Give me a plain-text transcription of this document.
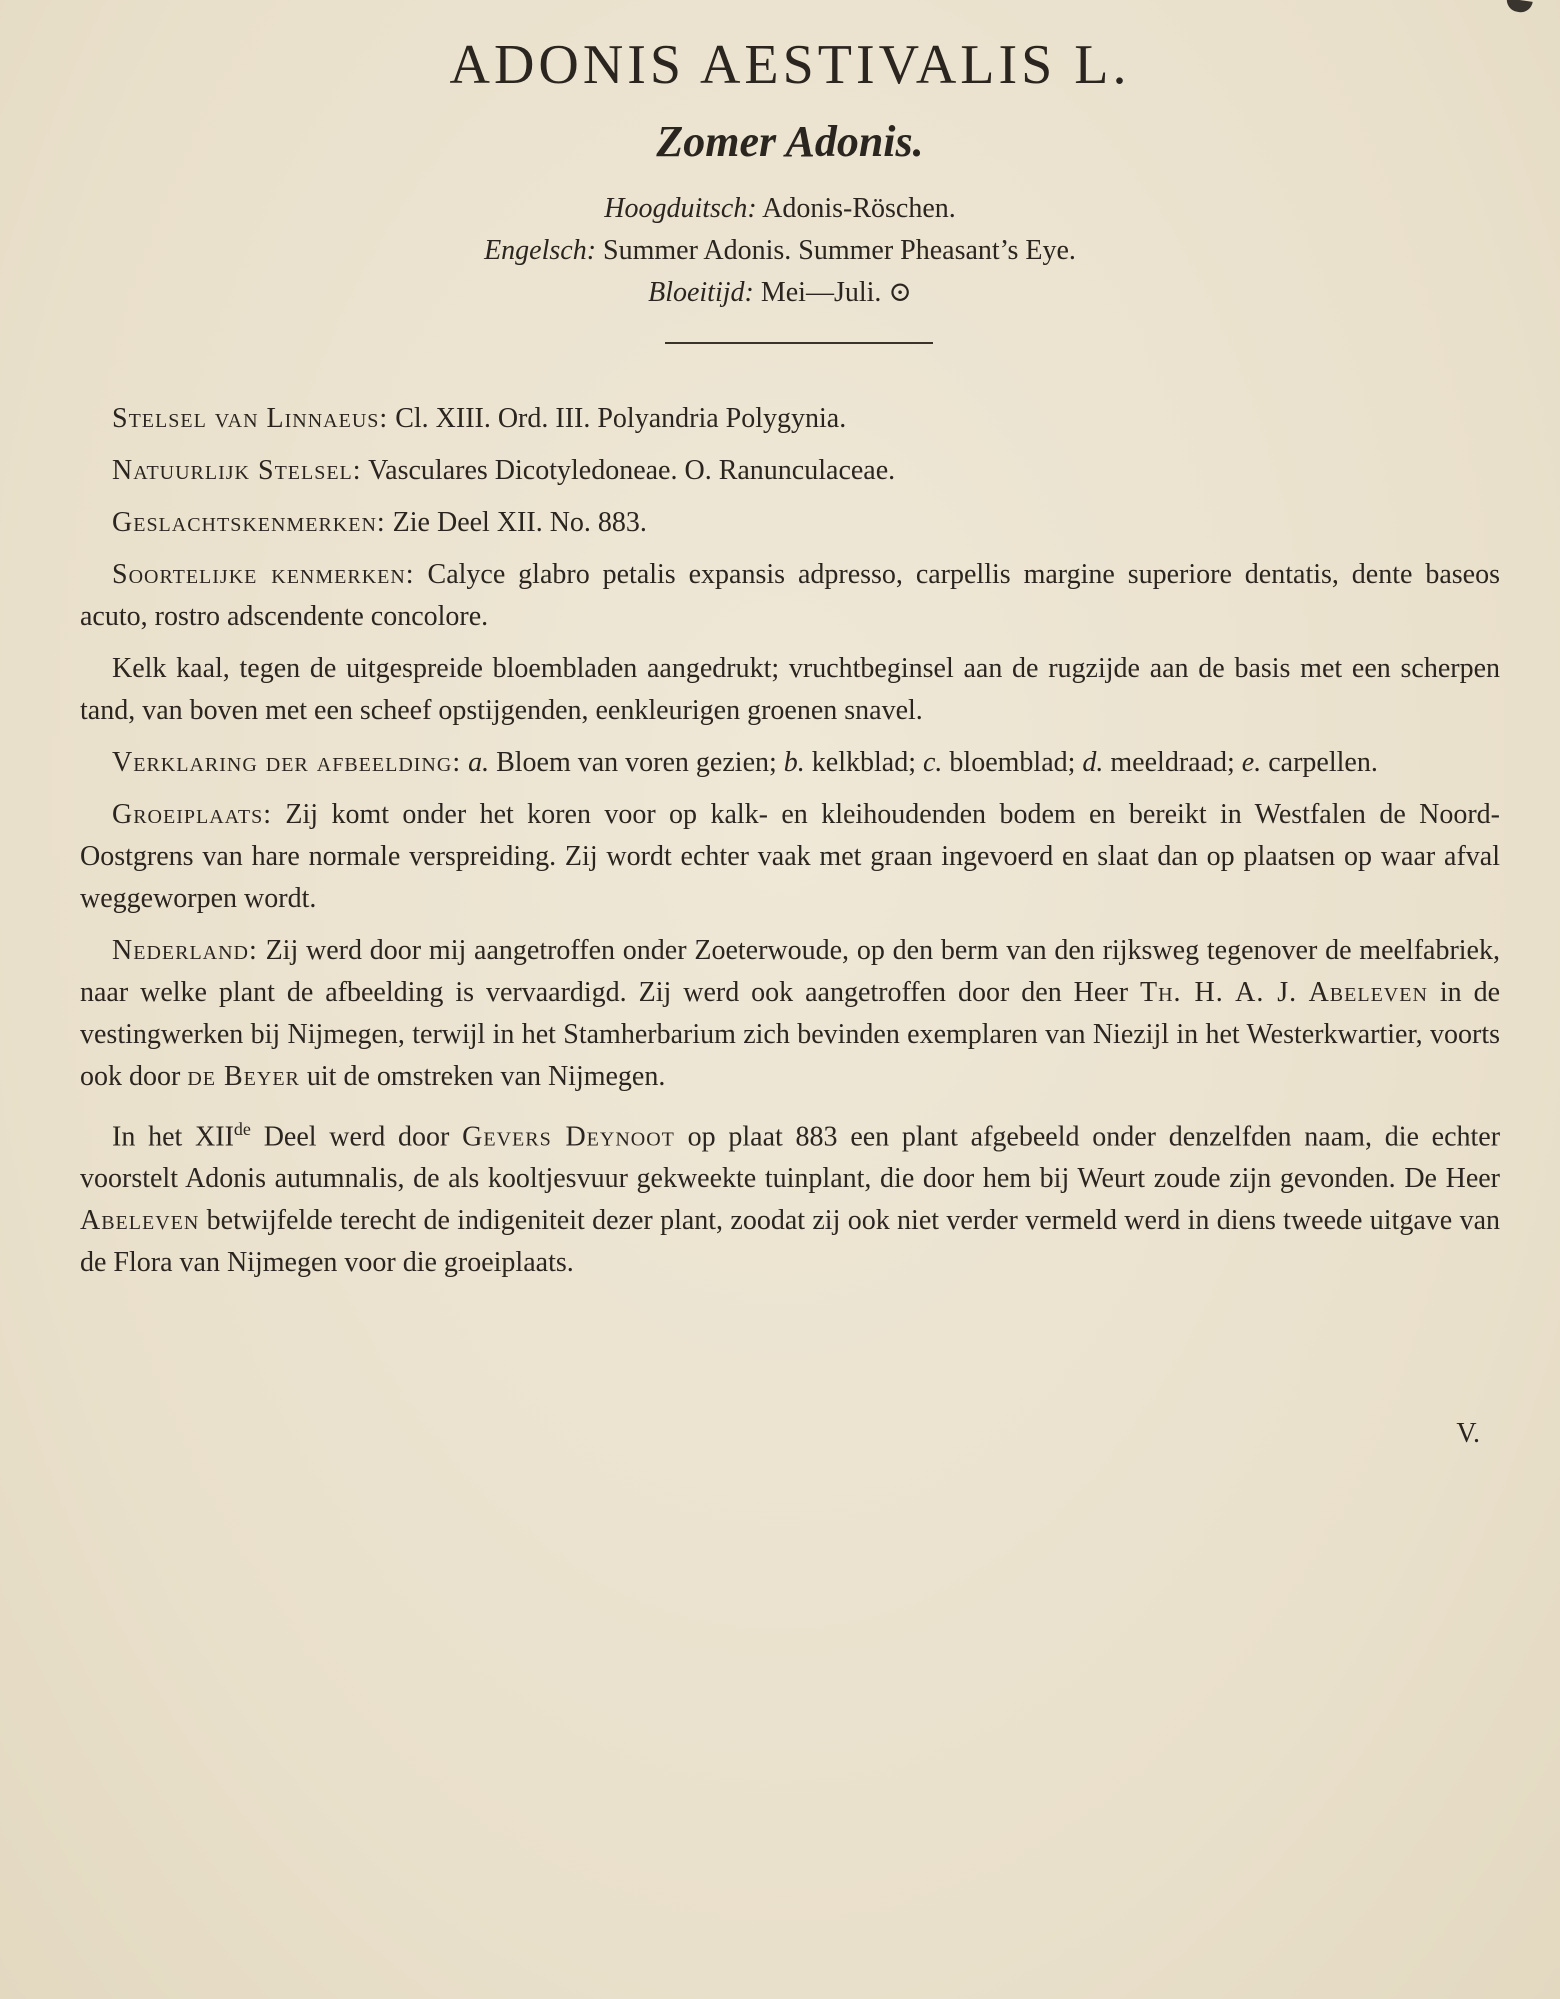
ADONIS AESTIVALIS L.
Zomer Adonis.
Hoogduitsch: Adonis-Röschen.
Engelsch: Summer Adonis. Summer Pheasant’s Eye.
Bloeitijd: Mei—Juli. ⊙

Stelsel van Linnaeus: Cl. XIII. Ord. III. Polyandria Polygynia.

Natuurlijk Stelsel: Vasculares Dicotyledoneae. O. Ranunculaceae.

Geslachtskenmerken: Zie Deel XII. No. 883.

Soortelijke kenmerken: Calyce glabro petalis expansis adpresso, carpellis margine superiore dentatis, dente baseos acuto, rostro adscendente concolore.

Kelk kaal, tegen de uitgespreide bloembladen aangedrukt; vruchtbeginsel aan de rugzijde aan de basis met een scherpen tand, van boven met een scheef opstijgenden, eenkleurigen groenen snavel.

Verklaring der afbeelding: a. Bloem van voren gezien; b. kelkblad; c. bloemblad; d. meeldraad; e. carpellen.

Groeiplaats: Zij komt onder het koren voor op kalk- en kleihoudenden bodem en bereikt in Westfalen de Noord-Oostgrens van hare normale verspreiding. Zij wordt echter vaak met graan ingevoerd en slaat dan op plaatsen op waar afval weggeworpen wordt.

Nederland: Zij werd door mij aangetroffen onder Zoeterwoude, op den berm van den rijksweg tegenover de meelfabriek, naar welke plant de afbeelding is vervaardigd. Zij werd ook aangetroffen door den Heer Th. H. A. J. Abeleven in de vestingwerken bij Nijmegen, terwijl in het Stamherbarium zich bevinden exemplaren van Niezijl in het Westerkwartier, voorts ook door de Beyer uit de omstreken van Nijmegen.

In het XIIde Deel werd door Gevers Deynoot op plaat 883 een plant afgebeeld onder denzelfden naam, die echter voorstelt Adonis autumnalis, de als kooltjesvuur gekweekte tuinplant, die door hem bij Weurt zoude zijn gevonden. De Heer Abeleven betwijfelde terecht de indigeniteit dezer plant, zoodat zij ook niet verder vermeld werd in diens tweede uitgave van de Flora van Nijmegen voor die groeiplaats.

V.
